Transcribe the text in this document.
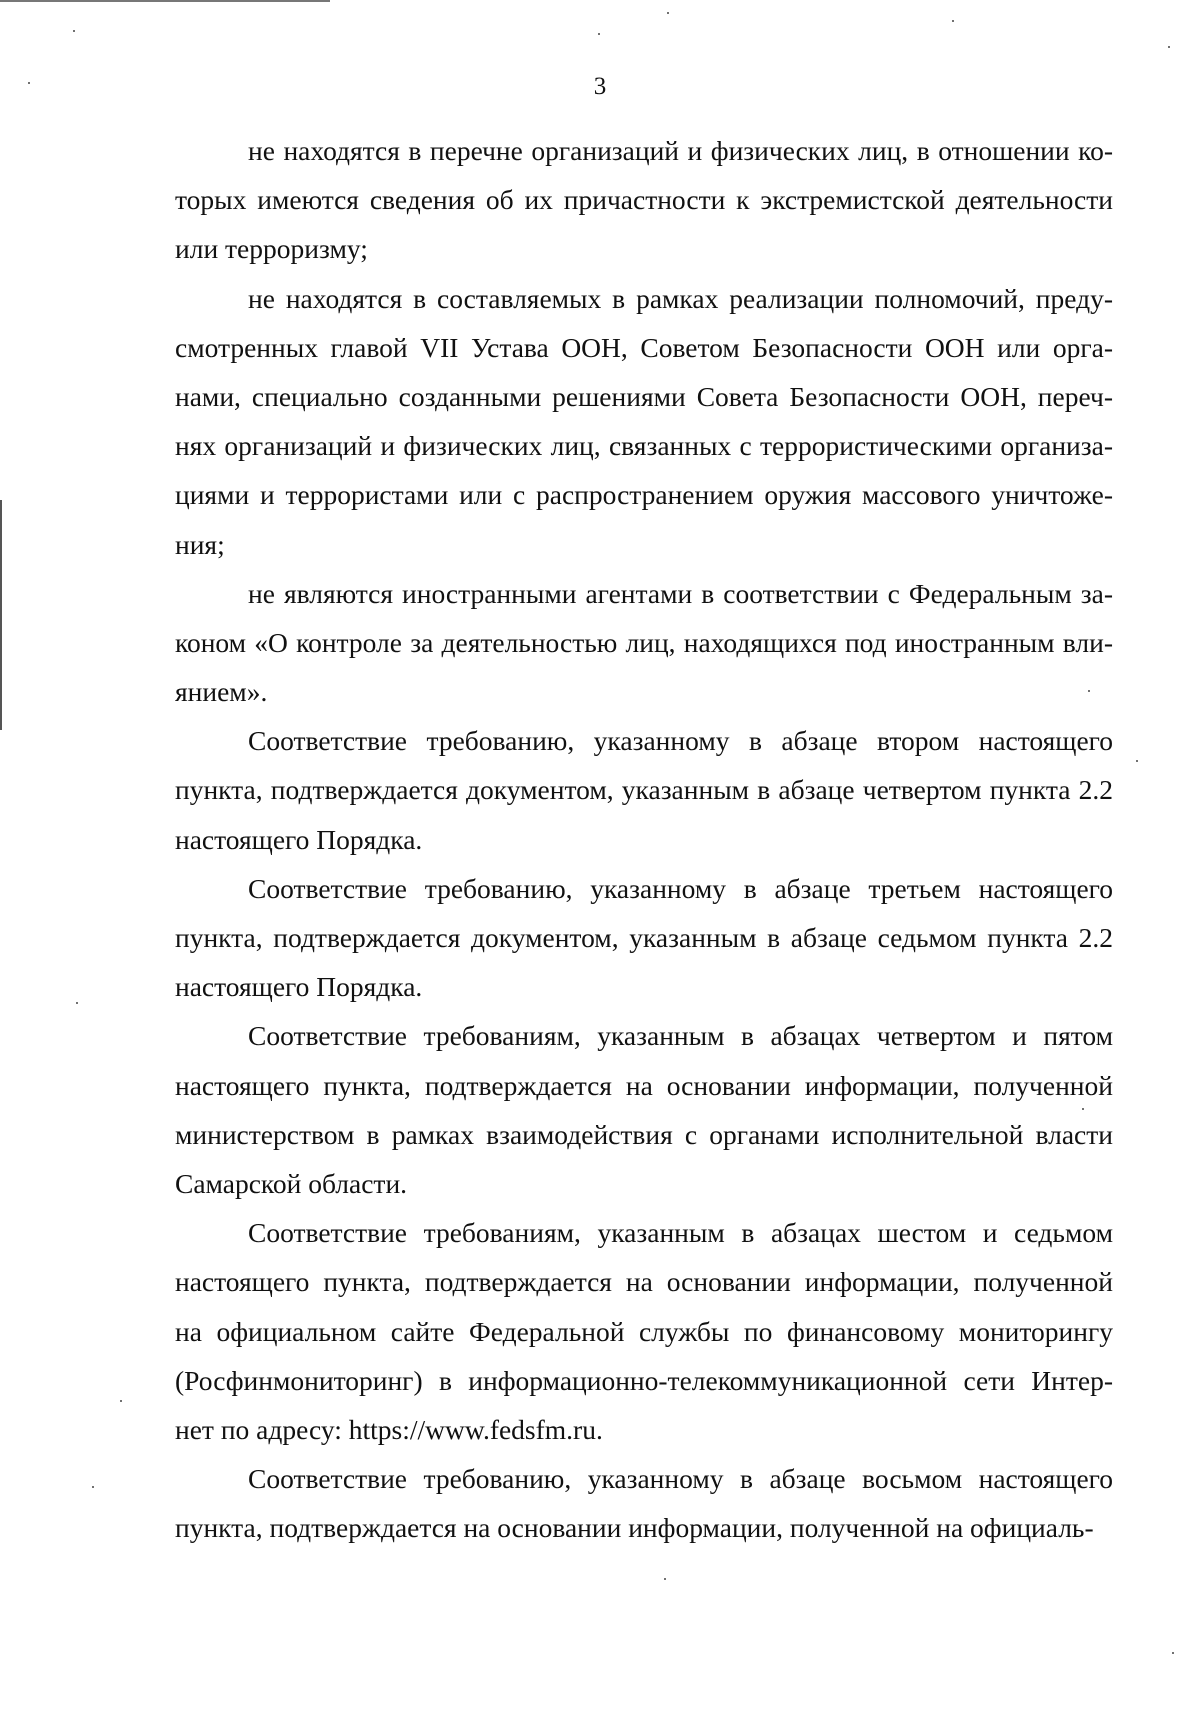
3
не находятся в перечне организаций и физических лиц, в отношении ко-
торых имеются сведения об их причастности к экстремистской деятельности
или терроризму;
не находятся в составляемых в рамках реализации полномочий, преду-
смотренных главой VII Устава ООН, Советом Безопасности ООН или орга-
нами, специально созданными решениями Совета Безопасности ООН, переч-
нях организаций и физических лиц, связанных с террористическими организа-
циями и террористами или с распространением оружия массового уничтоже-
ния;
не являются иностранными агентами в соответствии с Федеральным за-
коном «О контроле за деятельностью лиц, находящихся под иностранным вли-
янием».
Соответствие требованию, указанному в абзаце втором настоящего
пункта, подтверждается документом, указанным в абзаце четвертом пункта 2.2
настоящего Порядка.
Соответствие требованию, указанному в абзаце третьем настоящего
пункта, подтверждается документом, указанным в абзаце седьмом пункта 2.2
настоящего Порядка.
Соответствие требованиям, указанным в абзацах четвертом и пятом
настоящего пункта, подтверждается на основании информации, полученной
министерством в рамках взаимодействия с органами исполнительной власти
Самарской области.
Соответствие требованиям, указанным в абзацах шестом и седьмом
настоящего пункта, подтверждается на основании информации, полученной
на официальном сайте Федеральной службы по финансовому мониторингу
(Росфинмониторинг) в информационно-телекоммуникационной сети Интер-
нет по адресу: https://www.fedsfm.ru.
Соответствие требованию, указанному в абзаце восьмом настоящего
пункта, подтверждается на основании информации, полученной на официаль-
